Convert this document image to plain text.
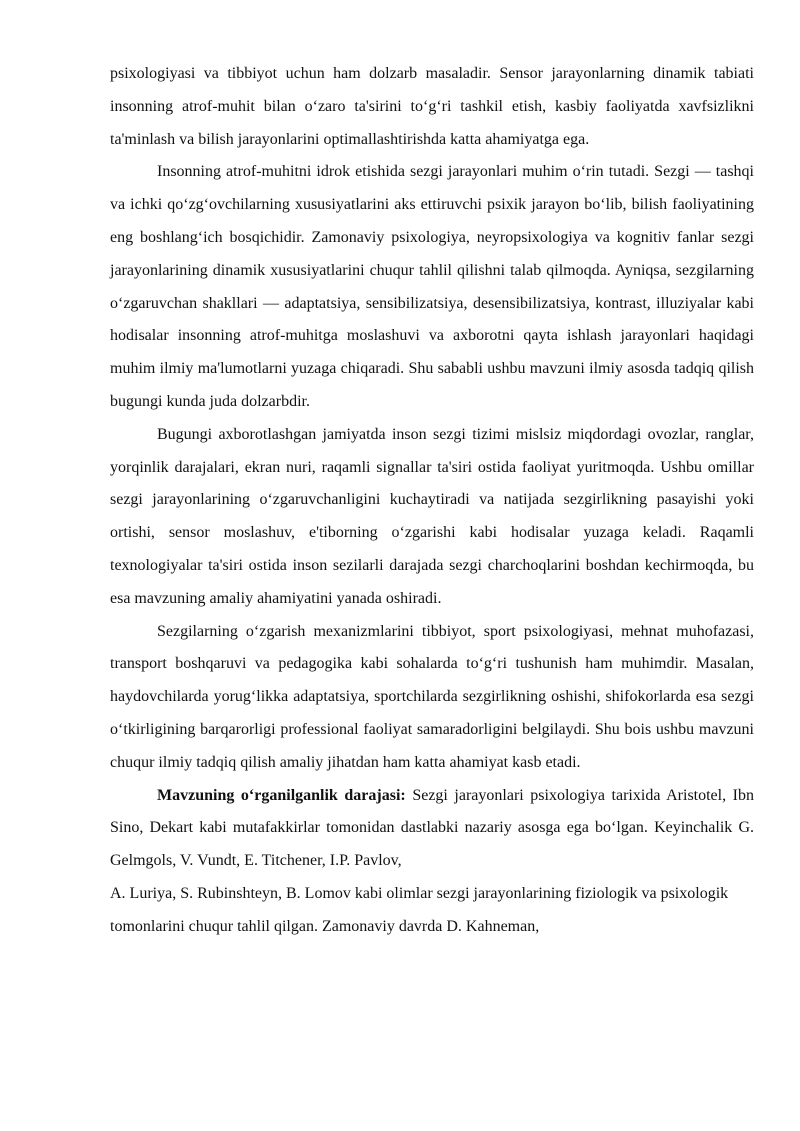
psixologiyasi va tibbiyot uchun ham dolzarb masaladir. Sensor jarayonlarning dinamik tabiati insonning atrof-muhit bilan o‘zaro ta'sirini to‘g‘ri tashkil etish, kasbiy faoliyatda xavfsizlikni ta'minlash va bilish jarayonlarini optimallashtirishda katta ahamiyatga ega.

Insonning atrof-muhitni idrok etishida sezgi jarayonlari muhim o‘rin tutadi. Sezgi — tashqi va ichki qo‘zg‘ovchilarning xususiyatlarini aks ettiruvchi psixik jarayon bo‘lib, bilish faoliyatining eng boshlang‘ich bosqichidir. Zamonaviy psixologiya, neyropsixologiya va kognitiv fanlar sezgi jarayonlarining dinamik xususiyatlarini chuqur tahlil qilishni talab qilmoqda. Ayniqsa, sezgilarning o‘zgaruvchan shakllari — adaptatsiya, sensibilizatsiya, desensibilizatsiya, kontrast, illuziyalar kabi hodisalar insonning atrof-muhitga moslashuvi va axborotni qayta ishlash jarayonlari haqidagi muhim ilmiy ma'lumotlarni yuzaga chiqaradi. Shu sababli ushbu mavzuni ilmiy asosda tadqiq qilish bugungi kunda juda dolzarbdir.

Bugungi axborotlashgan jamiyatda inson sezgi tizimi mislsiz miqdordagi ovozlar, ranglar, yorqinlik darajalari, ekran nuri, raqamli signallar ta'siri ostida faoliyat yuritmoqda. Ushbu omillar sezgi jarayonlarining o‘zgaruvchanligini kuchaytiradi va natijada sezgirlikning pasayishi yoki ortishi, sensor moslashuv, e'tiborning o‘zgarishi kabi hodisalar yuzaga keladi. Raqamli texnologiyalar ta'siri ostida inson sezilarli darajada sezgi charchoqlarini boshdan kechirmoqda, bu esa mavzuning amaliy ahamiyatini yanada oshiradi.

Sezgilarning o‘zgarish mexanizmlarini tibbiyot, sport psixologiyasi, mehnat muhofazasi, transport boshqaruvi va pedagogika kabi sohalarda to‘g‘ri tushunish ham muhimdir. Masalan, haydovchilarda yorug‘likka adaptatsiya, sportchilarda sezgirlikning oshishi, shifokorlarda esa sezgi o‘tkirligining barqarorligi professional faoliyat samaradorligini belgilaydi. Shu bois ushbu mavzuni chuqur ilmiy tadqiq qilish amaliy jihatdan ham katta ahamiyat kasb etadi.

Mavzuning o‘rganilganlik darajasi: Sezgi jarayonlari psixologiya tarixida Aristotel, Ibn Sino, Dekart kabi mutafakkirlar tomonidan dastlabki nazariy asosga ega bo‘lgan. Keyinchalik G. Gelmgols, V. Vundt, E. Titchener, I.P. Pavlov,

A. Luriya, S. Rubinshteyn, B. Lomov kabi olimlar sezgi jarayonlarining fiziologik va psixologik tomonlarini chuqur tahlil qilgan. Zamonaviy davrda D. Kahneman,
